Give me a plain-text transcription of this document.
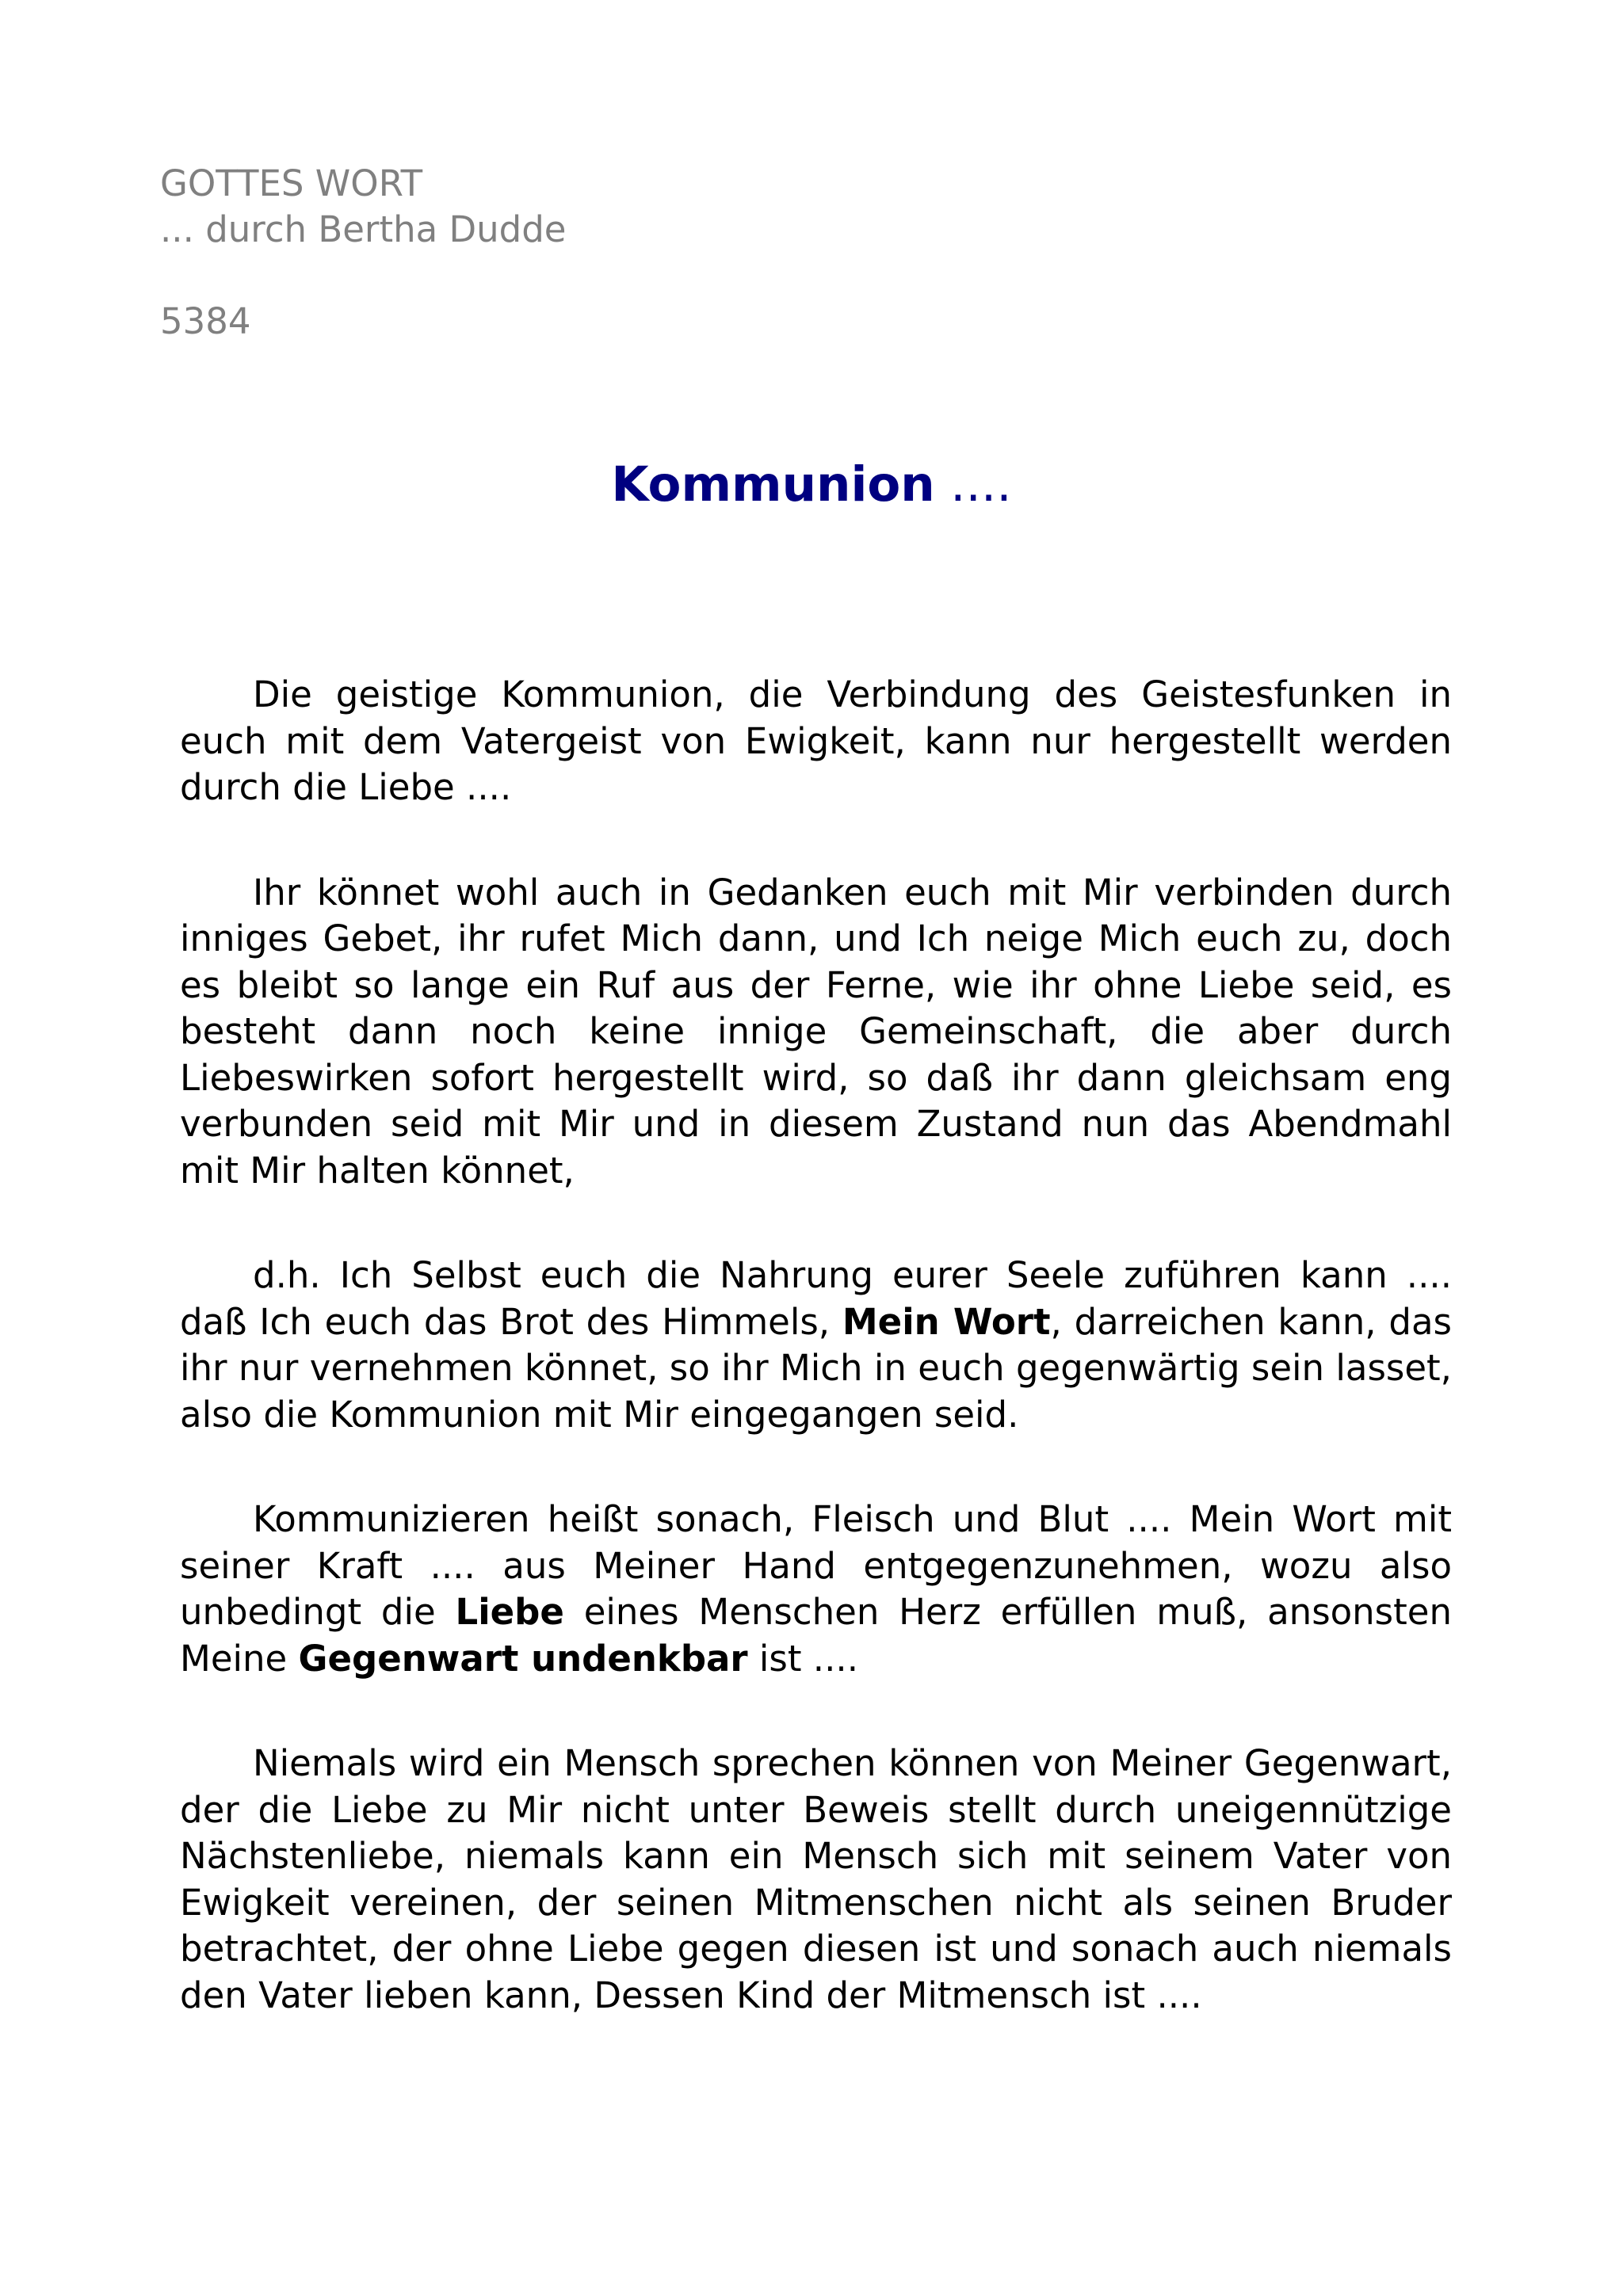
GOTTES WORT
... durch Bertha Dudde
5384
Kommunion ....

Die geistige Kommunion, die Verbindung des Geistesfunken in euch mit dem Vatergeist von Ewigkeit, kann nur hergestellt werden durch die Liebe ....

Ihr könnet wohl auch in Gedanken euch mit Mir verbinden durch inniges Gebet, ihr rufet Mich dann, und Ich neige Mich euch zu, doch es bleibt so lange ein Ruf aus der Ferne, wie ihr ohne Liebe seid, es besteht dann noch keine innige Gemeinschaft, die aber durch Liebeswirken sofort hergestellt wird, so daß ihr dann gleichsam eng verbunden seid mit Mir und in diesem Zustand nun das Abendmahl mit Mir halten könnet,

d.h. Ich Selbst euch die Nahrung eurer Seele zuführen kann .... daß Ich euch das Brot des Himmels, Mein Wort, darreichen kann, das ihr nur vernehmen könnet, so ihr Mich in euch gegenwärtig sein lasset, also die Kommunion mit Mir eingegangen seid.

Kommunizieren heißt sonach, Fleisch und Blut .... Mein Wort mit seiner Kraft .... aus Meiner Hand entgegenzunehmen, wozu also unbedingt die Liebe eines Menschen Herz erfüllen muß, ansonsten Meine Gegenwart undenkbar ist ....

Niemals wird ein Mensch sprechen können von Meiner Gegenwart, der die Liebe zu Mir nicht unter Beweis stellt durch uneigennützige Nächstenliebe, niemals kann ein Mensch sich mit seinem Vater von Ewigkeit vereinen, der seinen Mitmenschen nicht als seinen Bruder betrachtet, der ohne Liebe gegen diesen ist und sonach auch niemals den Vater lieben kann, Dessen Kind der Mitmensch ist ....
